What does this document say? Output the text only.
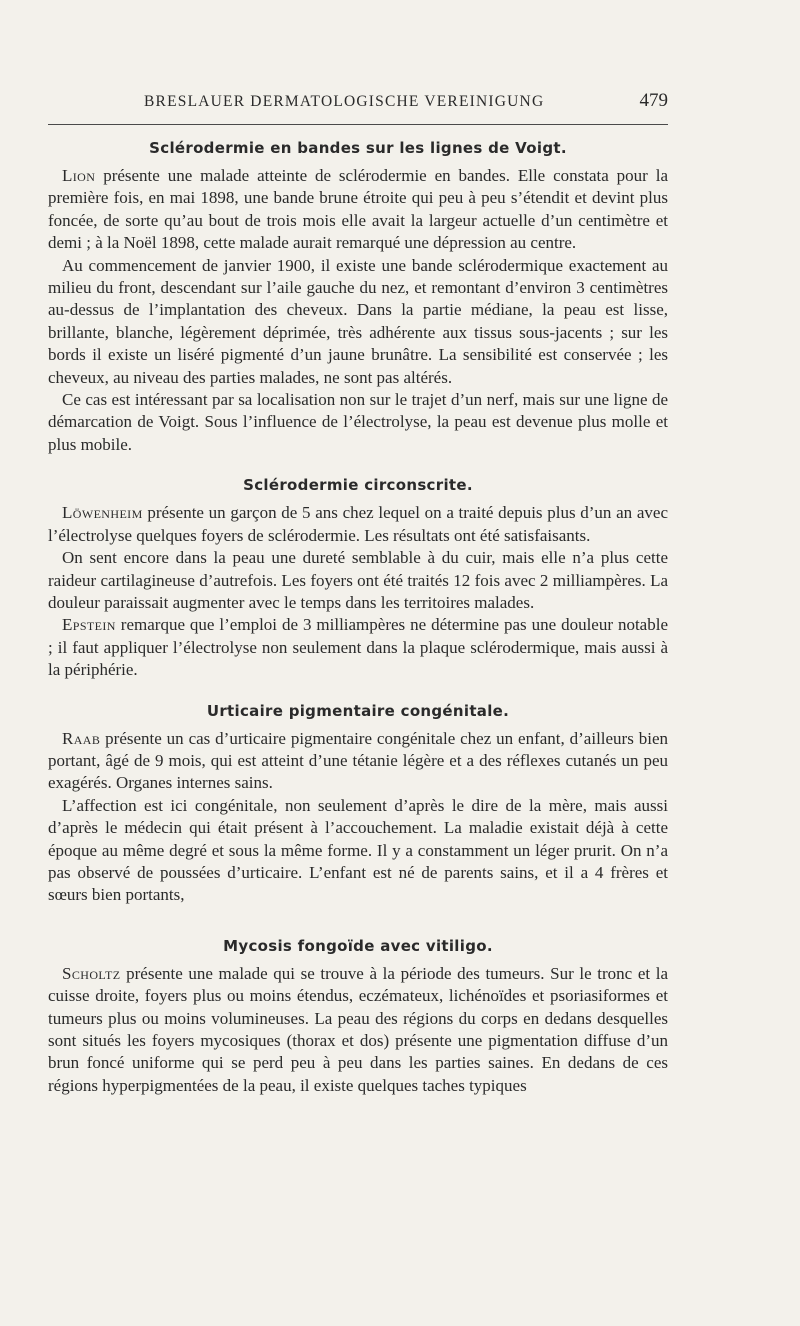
BRESLAUER DERMATOLOGISCHE VEREINIGUNG	479
Sclérodermie en bandes sur les lignes de Voigt.

Lion présente une malade atteinte de sclérodermie en bandes. Elle constata pour la première fois, en mai 1898, une bande brune étroite qui peu à peu s’étendit et devint plus foncée, de sorte qu’au bout de trois mois elle avait la largeur actuelle d’un centimètre et demi ; à la Noël 1898, cette malade aurait remarqué une dépression au centre.

Au commencement de janvier 1900, il existe une bande sclérodermique exactement au milieu du front, descendant sur l’aile gauche du nez, et remontant d’environ 3 centimètres au-dessus de l’implantation des cheveux. Dans la partie médiane, la peau est lisse, brillante, blanche, légèrement déprimée, très adhérente aux tissus sous-jacents ; sur les bords il existe un liséré pigmenté d’un jaune brunâtre. La sensibilité est conservée ; les cheveux, au niveau des parties malades, ne sont pas altérés.

Ce cas est intéressant par sa localisation non sur le trajet d’un nerf, mais sur une ligne de démarcation de Voigt. Sous l’influence de l’électrolyse, la peau est devenue plus molle et plus mobile.

Sclérodermie circonscrite.

Löwenheim présente un garçon de 5 ans chez lequel on a traité depuis plus d’un an avec l’électrolyse quelques foyers de sclérodermie. Les résultats ont été satisfaisants.

On sent encore dans la peau une dureté semblable à du cuir, mais elle n’a plus cette raideur cartilagineuse d’autrefois. Les foyers ont été traités 12 fois avec 2 milliampères. La douleur paraissait augmenter avec le temps dans les territoires malades.

Epstein remarque que l’emploi de 3 milliampères ne détermine pas une douleur notable ; il faut appliquer l’électrolyse non seulement dans la plaque sclérodermique, mais aussi à la périphérie.

Urticaire pigmentaire congénitale.

Raab présente un cas d’urticaire pigmentaire congénitale chez un enfant, d’ailleurs bien portant, âgé de 9 mois, qui est atteint d’une tétanie légère et a des réflexes cutanés un peu exagérés. Organes internes sains.

L’affection est ici congénitale, non seulement d’après le dire de la mère, mais aussi d’après le médecin qui était présent à l’accouchement. La maladie existait déjà à cette époque au même degré et sous la même forme. Il y a constamment un léger prurit. On n’a pas observé de poussées d’urticaire. L’enfant est né de parents sains, et il a 4 frères et sœurs bien portants,

Mycosis fongoïde avec vitiligo.

Scholtz présente une malade qui se trouve à la période des tumeurs. Sur le tronc et la cuisse droite, foyers plus ou moins étendus, eczémateux, lichénoïdes et psoriasiformes et tumeurs plus ou moins volumineuses. La peau des régions du corps en dedans desquelles sont situés les foyers mycosiques (thorax et dos) présente une pigmentation diffuse d’un brun foncé uniforme qui se perd peu à peu dans les parties saines. En dedans de ces régions hyperpigmentées de la peau, il existe quelques taches typiques
